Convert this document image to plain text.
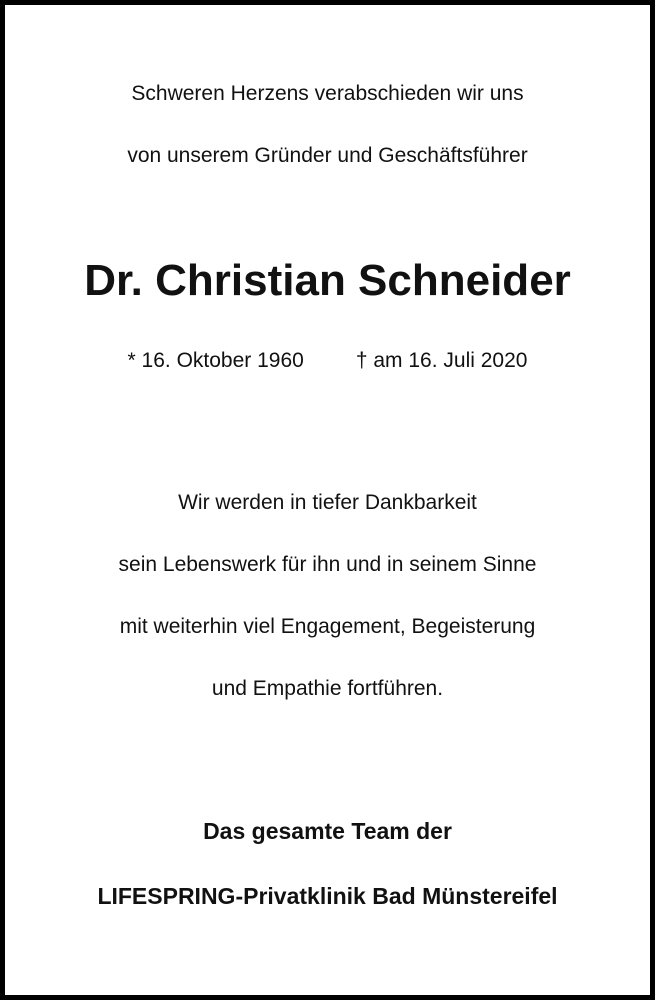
Schweren Herzens verabschieden wir uns
von unserem Gründer und Geschäftsführer
Dr. Christian Schneider
* 16. Oktober 1960 † am 16. Juli 2020
Wir werden in tiefer Dankbarkeit
sein Lebenswerk für ihn und in seinem Sinne
mit weiterhin viel Engagement, Begeisterung
und Empathie fortführen.
Das gesamte Team der
LIFESPRING-Privatklinik Bad Münstereifel
